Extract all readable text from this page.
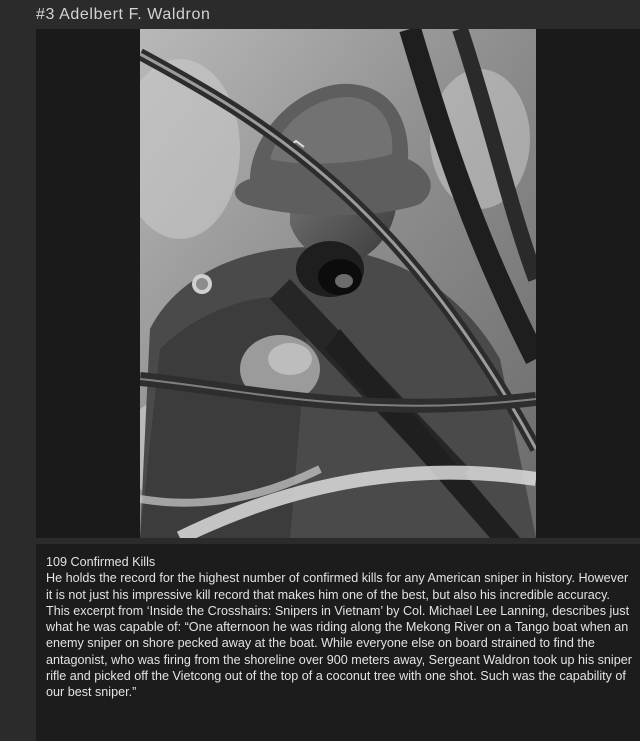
#3 Adelbert F. Waldron
109 Confirmed Kills

He holds the record for the highest number of confirmed kills for any American sniper in history. However it is not just his impressive kill record that makes him one of the best, but also his incredible accuracy. This excerpt from ‘Inside the Crosshairs: Snipers in Vietnam’ by Col. Michael Lee Lanning, describes just what he was capable of: “One afternoon he was riding along the Mekong River on a Tango boat when an enemy sniper on shore pecked away at the boat. While everyone else on board strained to find the antagonist, who was firing from the shoreline over 900 meters away, Sergeant Waldron took up his sniper rifle and picked off the Vietcong out of the top of a coconut tree with one shot. Such was the capability of our best sniper.”
